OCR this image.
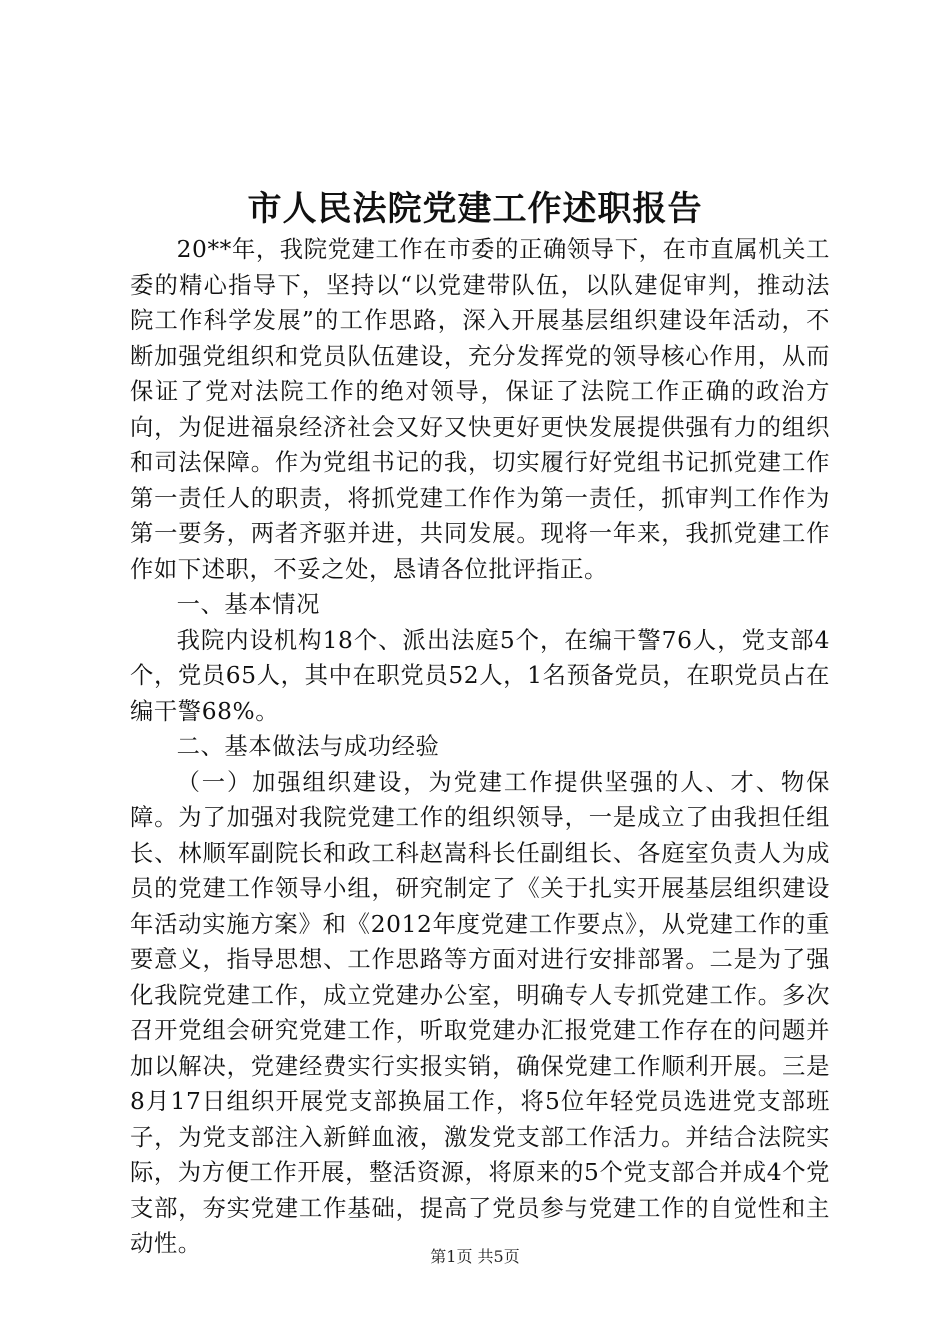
市人民法院党建工作述职报告

20**年，我院党建工作在市委的正确领导下，在市直属机关工委的精心指导下，坚持以“以党建带队伍，以队建促审判，推动法院工作科学发展”的工作思路，深入开展基层组织建设年活动，不断加强党组织和党员队伍建设，充分发挥党的领导核心作用，从而保证了党对法院工作的绝对领导，保证了法院工作正确的政治方向，为促进福泉经济社会又好又快更好更快发展提供强有力的组织和司法保障。作为党组书记的我，切实履行好党组书记抓党建工作第一责任人的职责，将抓党建工作作为第一责任，抓审判工作作为第一要务，两者齐驱并进，共同发展。现将一年来，我抓党建工作作如下述职，不妥之处，恳请各位批评指正。

一、基本情况

我院内设机构18个、派出法庭5个，在编干警76人，党支部4个，党员65人，其中在职党员52人，1名预备党员，在职党员占在编干警68%。

二、基本做法与成功经验

（一）加强组织建设，为党建工作提供坚强的人、才、物保障。为了加强对我院党建工作的组织领导，一是成立了由我担任组长、林顺军副院长和政工科赵嵩科长任副组长、各庭室负责人为成员的党建工作领导小组，研究制定了《关于扎实开展基层组织建设年活动实施方案》和《2012年度党建工作要点》，从党建工作的重要意义，指导思想、工作思路等方面对进行安排部署。二是为了强化我院党建工作，成立党建办公室，明确专人专抓党建工作。多次召开党组会研究党建工作，听取党建办汇报党建工作存在的问题并加以解决，党建经费实行实报实销，确保党建工作顺利开展。三是8月17日组织开展党支部换届工作，将5位年轻党员选进党支部班子，为党支部注入新鲜血液，激发党支部工作活力。并结合法院实际，为方便工作开展，整活资源，将原来的5个党支部合并成4个党支部，夯实党建工作基础，提高了党员参与党建工作的自觉性和主动性。	第1页 共5页
